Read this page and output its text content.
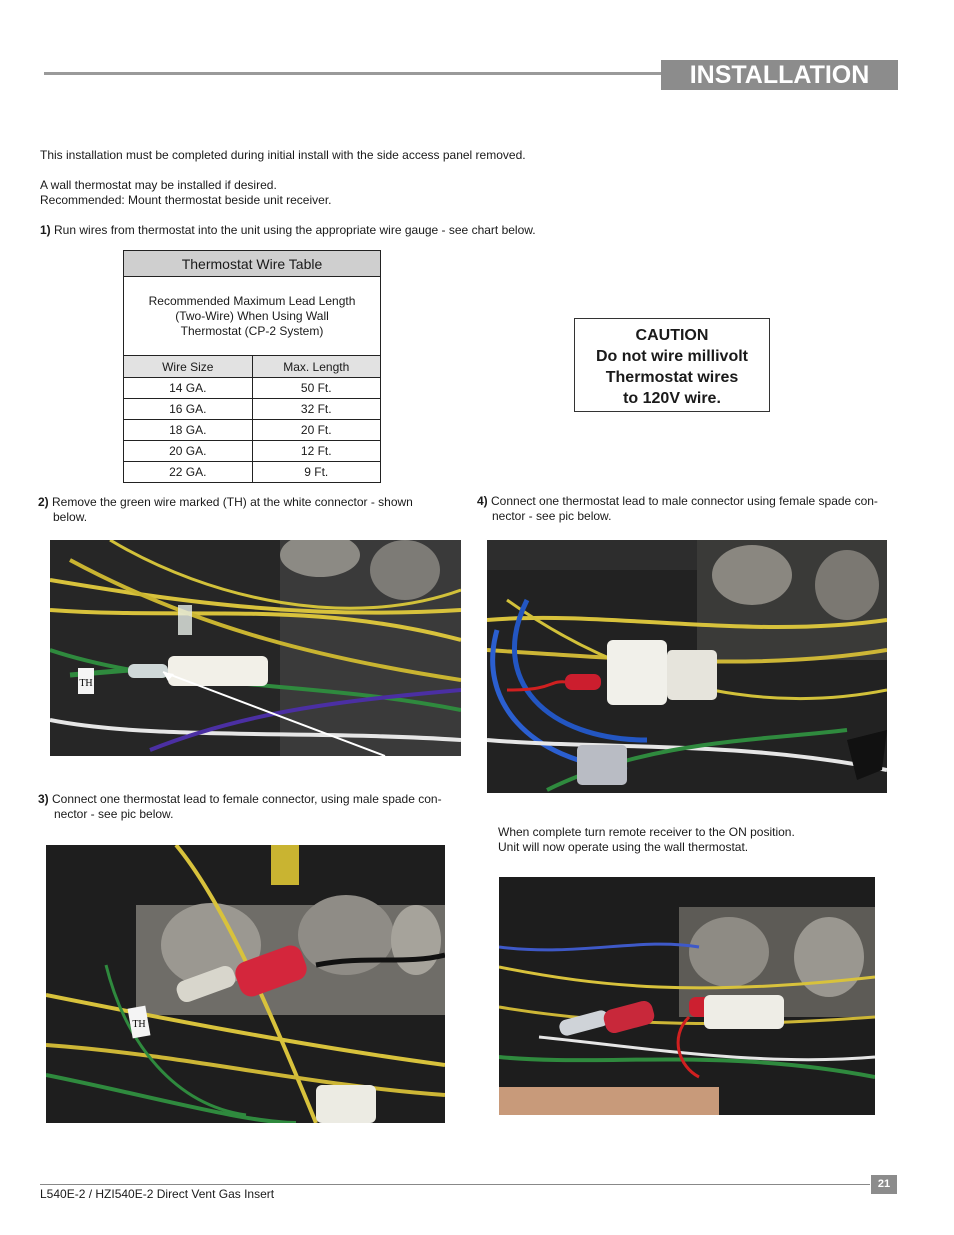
INSTALLATION
This installation must be completed during initial install with the side access panel removed.
A wall thermostat may be installed if desired.
Recommended: Mount thermostat beside unit receiver.
1) Run wires from thermostat into the unit using the appropriate wire gauge - see chart below.
Thermostat Wire Table	

Recommended Maximum Lead Length
(Two-Wire) When Using Wall
Thermostat (CP-2 System)	

Wire Size	Max. Length
14 GA.	50 Ft.
16 GA.	32 Ft.
18 GA.	20 Ft.
20 GA.	12 Ft.
22 GA.	9 Ft.
CAUTION
Do not wire millivolt
Thermostat wires
to 120V wire.
2) Remove the green wire marked (TH) at the white connector - shown
below.
4) Connect one thermostat lead to male connector using female spade con-
nector - see pic below.
TH
3) Connect one thermostat lead to female connector, using male spade con-
nector - see pic below.
When complete turn remote receiver to the ON position.
Unit will now operate using the wall thermostat.
TH
21
L540E-2 / HZI540E-2 Direct Vent Gas Insert
